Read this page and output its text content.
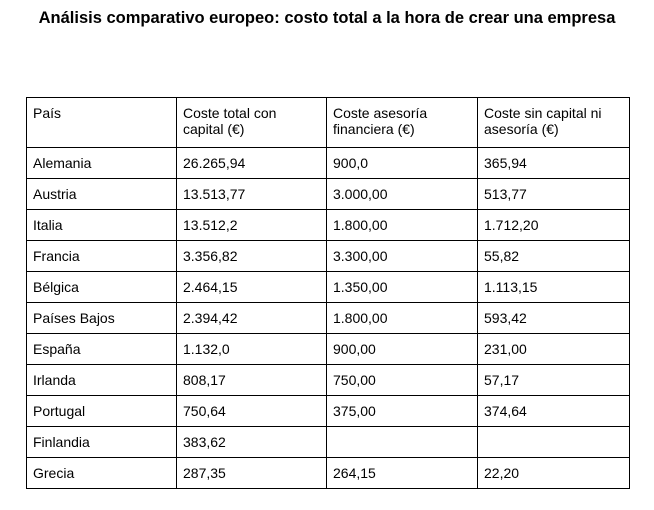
Análisis comparativo europeo: costo total a la hora de crear una empresa
País	Coste total con capital (€)	Coste asesoría financiera (€)	Coste sin capital ni asesoría (€)
Alemania	26.265,94	900,0	365,94
Austria	13.513,77	3.000,00	513,77
Italia	13.512,2	1.800,00	1.712,20
Francia	3.356,82	3.300,00	55,82
Bélgica	2.464,15	1.350,00	1.113,15
Países Bajos	2.394,42	1.800,00	593,42
España	1.132,0	900,00	231,00
Irlanda	808,17	750,00	57,17
Portugal	750,64	375,00	374,64
Finlandia	383,62		
Grecia	287,35	264,15	22,20
